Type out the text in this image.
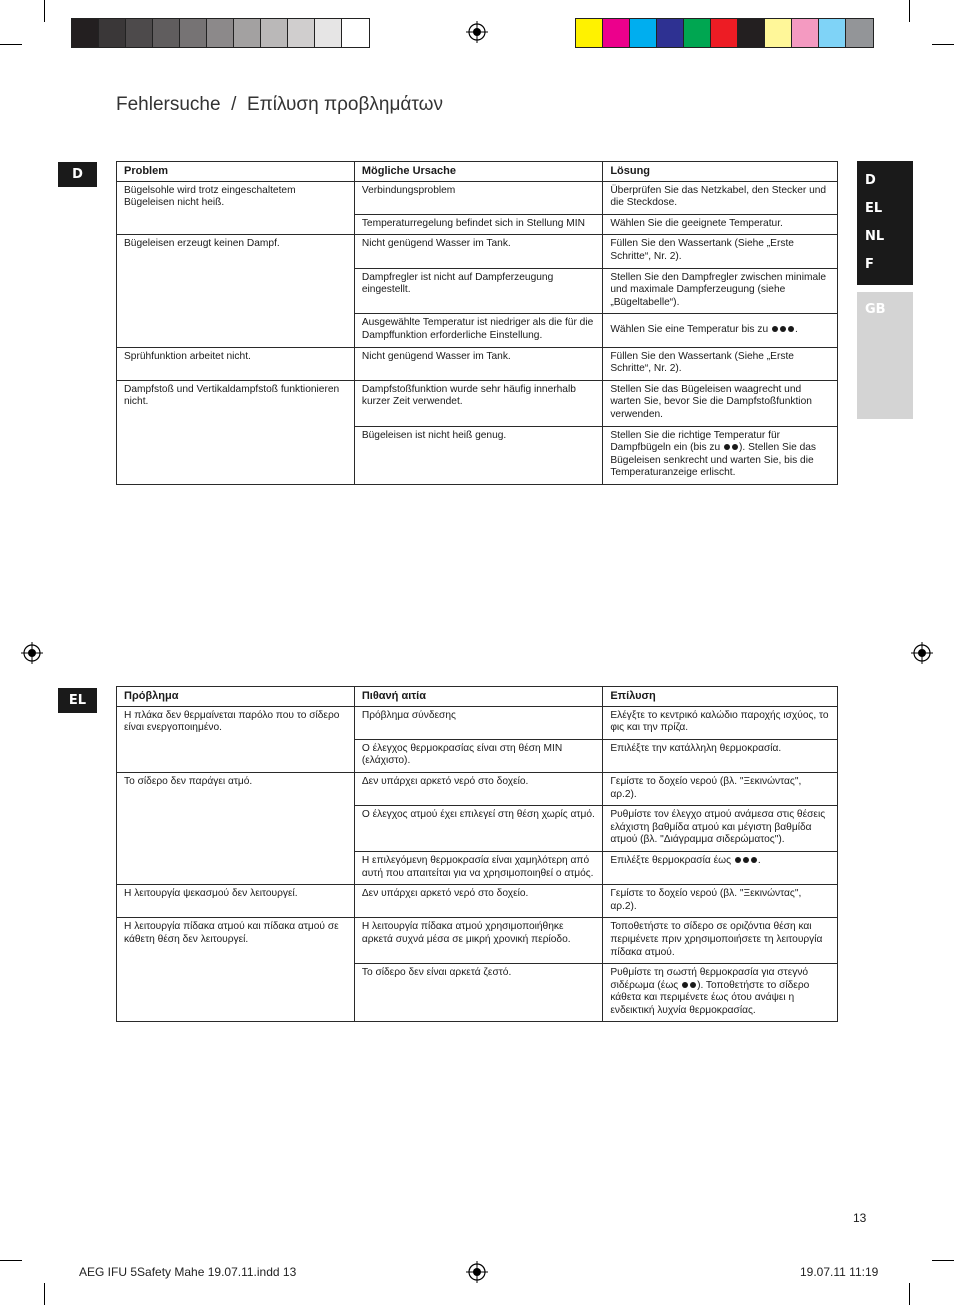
Fehlersuche / Επίλυση προβλημάτων
D
EL
NL
F
GB
D	Problem	Mögliche Ursache	Lösung
Bügelsohle wird trotz eingeschaltetem Bügeleisen nicht heiß.	Verbindungsproblem	Überprüfen Sie das Netzkabel, den Stecker und die Steckdose.
	Temperaturregelung befindet sich in Stellung MIN	Wählen Sie die geeignete Temperatur.
Bügeleisen erzeugt keinen Dampf.	Nicht genügend Wasser im Tank.	Füllen Sie den Wassertank (Siehe „Erste Schritte“, Nr. 2).
	Dampfregler ist nicht auf Dampferzeugung eingestellt.	Stellen Sie den Dampfregler zwischen minimale und maximale Dampferzeugung (siehe „Bügeltabelle“).
	Ausgewählte Temperatur ist niedriger als die für die Dampffunktion erforderliche Einstellung.	Wählen Sie eine Temperatur bis zu .
Sprühfunktion arbeitet nicht.	Nicht genügend Wasser im Tank.	Füllen Sie den Wassertank (Siehe „Erste Schritte“, Nr. 2).
Dampfstoß und Vertikaldampfstoß funktionieren nicht.	Dampfstoßfunktion wurde sehr häufig innerhalb kurzer Zeit verwendet.	Stellen Sie das Bügeleisen waagrecht und warten Sie, bevor Sie die Dampfstoßfunktion verwenden.
	Bügeleisen ist nicht heiß genug.	Stellen Sie die richtige Temperatur für Dampfbügeln ein (bis zu ). Stellen Sie das Bügeleisen senkrecht und warten Sie, bis die Temperaturanzeige erlischt.
EL	Πρόβλημα	Πιθανή αιτία	Επίλυση
Η πλάκα δεν θερμαίνεται παρόλο που το σίδερο είναι ενεργοποιημένο.	Πρόβλημα σύνδεσης	Ελέγξτε το κεντρικό καλώδιο παροχής ισχύος, το φις και την πρίζα.
	Ο έλεγχος θερμοκρασίας είναι στη θέση MIN (ελάχιστο).	Επιλέξτε την κατάλληλη θερμοκρασία.
Το σίδερο δεν παράγει ατμό.	Δεν υπάρχει αρκετό νερό στο δοχείο.	Γεμίστε το δοχείο νερού (βλ. "Ξεκινώντας", αρ.2).
	Ο έλεγχος ατμού έχει επιλεγεί στη θέση χωρίς ατμό.	Ρυθμίστε τον έλεγχο ατμού ανάμεσα στις θέσεις ελάχιστη βαθμίδα ατμού και μέγιστη βαθμίδα ατμού (βλ. "Διάγραμμα σιδερώματος").
	Η επιλεγόμενη θερμοκρασία είναι χαμηλότερη από αυτή που απαιτείται για να χρησιμοποιηθεί ο ατμός.	Επιλέξτε θερμοκρασία έως .
Η λειτουργία ψεκασμού δεν λειτουργεί.	Δεν υπάρχει αρκετό νερό στο δοχείο.	Γεμίστε το δοχείο νερού (βλ. "Ξεκινώντας", αρ.2).
Η λειτουργία πίδακα ατμού και πίδακα ατμού σε κάθετη θέση δεν λειτουργεί.	Η λειτουργία πίδακα ατμού χρησιμοποιήθηκε αρκετά συχνά μέσα σε μικρή χρονική περίοδο.	Τοποθετήστε το σίδερο σε οριζόντια θέση και περιμένετε πριν χρησιμοποιήσετε τη λειτουργία πίδακα ατμού.
	Το σίδερο δεν είναι αρκετά ζεστό.	Ρυθμίστε τη σωστή θερμοκρασία για στεγνό σιδέρωμα (έως ). Τοποθετήστε το σίδερο κάθετα και περιμένετε έως ότου ανάψει η ενδεικτική λυχνία θερμοκρασίας.
13
AEG IFU 5Safety Mahe 19.07.11.indd 13	19.07.11 11:19
